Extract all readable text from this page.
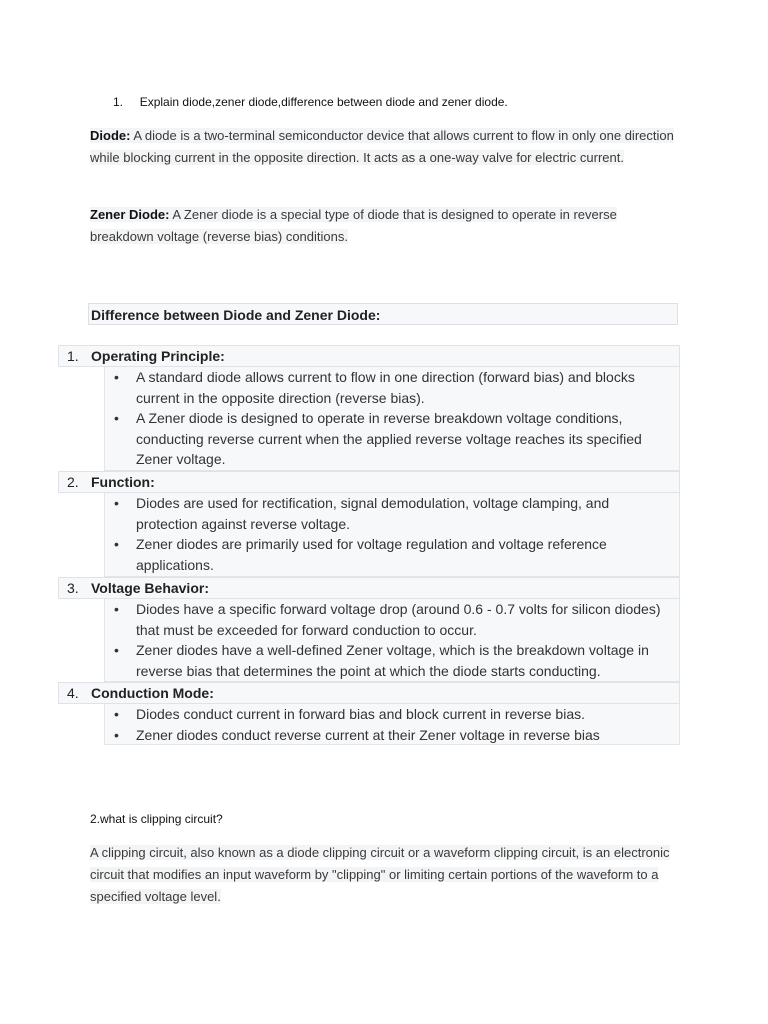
1. Explain diode,zener diode,difference between diode and zener diode.
Diode: A diode is a two-terminal semiconductor device that allows current to flow in only one direction while blocking current in the opposite direction. It acts as a one-way valve for electric current.
Zener Diode: A Zener diode is a special type of diode that is designed to operate in reverse breakdown voltage (reverse bias) conditions.
Difference between Diode and Zener Diode:
1. Operating Principle:
• A standard diode allows current to flow in one direction (forward bias) and blocks current in the opposite direction (reverse bias).
• A Zener diode is designed to operate in reverse breakdown voltage conditions, conducting reverse current when the applied reverse voltage reaches its specified Zener voltage.
2. Function:
• Diodes are used for rectification, signal demodulation, voltage clamping, and protection against reverse voltage.
• Zener diodes are primarily used for voltage regulation and voltage reference applications.
3. Voltage Behavior:
• Diodes have a specific forward voltage drop (around 0.6 - 0.7 volts for silicon diodes) that must be exceeded for forward conduction to occur.
• Zener diodes have a well-defined Zener voltage, which is the breakdown voltage in reverse bias that determines the point at which the diode starts conducting.
4. Conduction Mode:
• Diodes conduct current in forward bias and block current in reverse bias.
• Zener diodes conduct reverse current at their Zener voltage in reverse bias
2.what is clipping circuit?
A clipping circuit, also known as a diode clipping circuit or a waveform clipping circuit, is an electronic circuit that modifies an input waveform by "clipping" or limiting certain portions of the waveform to a specified voltage level.
